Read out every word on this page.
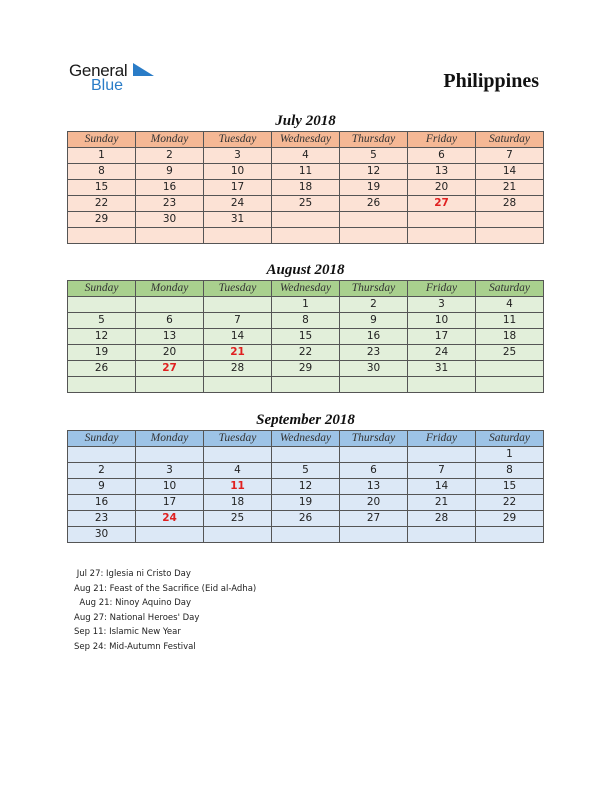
General
Blue	Philippines
July 2018
Sunday	Monday	Tuesday	Wednesday	Thursday	Friday	Saturday
1	2	3	4	5	6	7
8	9	10	11	12	13	14
15	16	17	18	19	20	21
22	23	24	25	26	27	28
29	30	31				

August 2018
Sunday	Monday	Tuesday	Wednesday	Thursday	Friday	Saturday
			1	2	3	4
5	6	7	8	9	10	11
12	13	14	15	16	17	18
19	20	21	22	23	24	25
26	27	28	29	30	31	

September 2018
Sunday	Monday	Tuesday	Wednesday	Thursday	Friday	Saturday
						1
2	3	4	5	6	7	8
9	10	11	12	13	14	15
16	17	18	19	20	21	22
23	24	25	26	27	28	29
30						
Jul 27: Iglesia ni Cristo Day
Aug 21: Feast of the Sacrifice (Eid al-Adha)
Aug 21: Ninoy Aquino Day
Aug 27: National Heroes' Day
Sep 11: Islamic New Year
Sep 24: Mid-Autumn Festival
